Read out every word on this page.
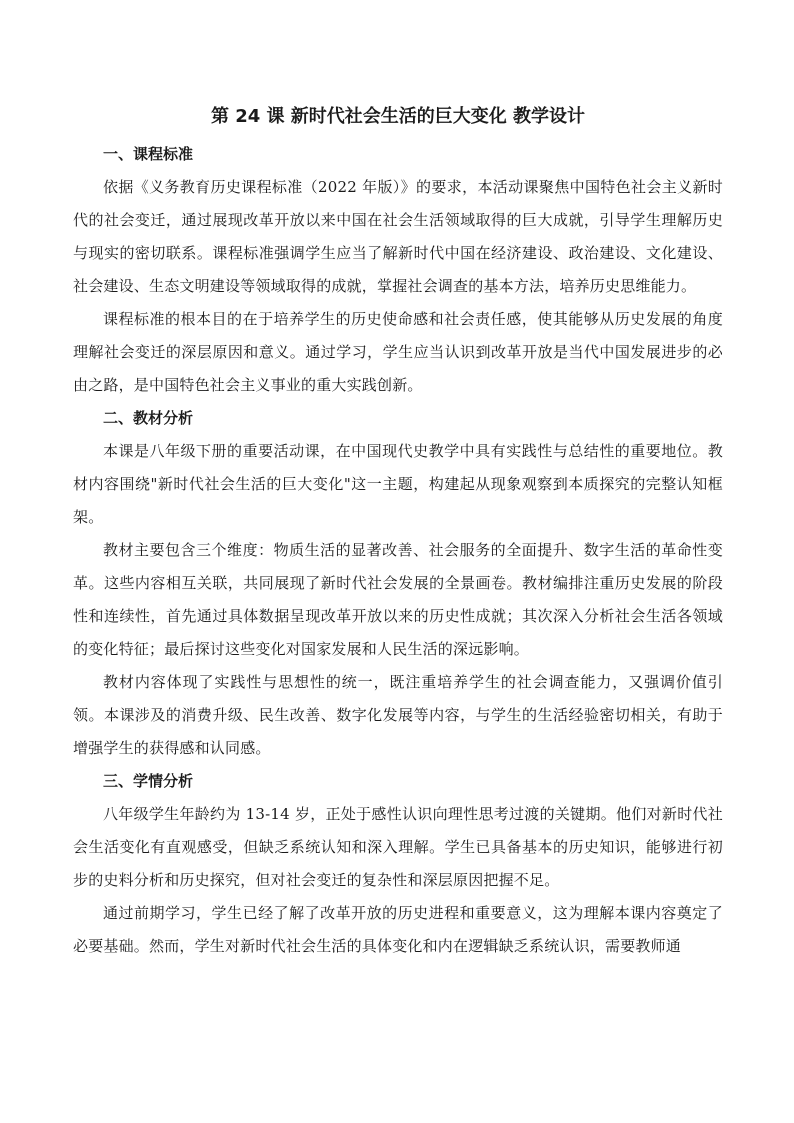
第 24 课 新时代社会生活的巨大变化 教学设计
一、课程标准

依据《义务教育历史课程标准（2022 年版）》的要求，本活动课聚焦中国特色社会主义新时代的社会变迁，通过展现改革开放以来中国在社会生活领域取得的巨大成就，引导学生理解历史与现实的密切联系。课程标准强调学生应当了解新时代中国在经济建设、政治建设、文化建设、社会建设、生态文明建设等领域取得的成就，掌握社会调查的基本方法，培养历史思维能力。

课程标准的根本目的在于培养学生的历史使命感和社会责任感，使其能够从历史发展的角度理解社会变迁的深层原因和意义。通过学习，学生应当认识到改革开放是当代中国发展进步的必由之路，是中国特色社会主义事业的重大实践创新。

二、教材分析

本课是八年级下册的重要活动课，在中国现代史教学中具有实践性与总结性的重要地位。教材内容围绕"新时代社会生活的巨大变化"这一主题，构建起从现象观察到本质探究的完整认知框架。

教材主要包含三个维度：物质生活的显著改善、社会服务的全面提升、数字生活的革命性变革。这些内容相互关联，共同展现了新时代社会发展的全景画卷。教材编排注重历史发展的阶段性和连续性，首先通过具体数据呈现改革开放以来的历史性成就；其次深入分析社会生活各领域的变化特征；最后探讨这些变化对国家发展和人民生活的深远影响。

教材内容体现了实践性与思想性的统一，既注重培养学生的社会调查能力，又强调价值引领。本课涉及的消费升级、民生改善、数字化发展等内容，与学生的生活经验密切相关，有助于增强学生的获得感和认同感。

三、学情分析

八年级学生年龄约为 13-14 岁，正处于感性认识向理性思考过渡的关键期。他们对新时代社会生活变化有直观感受，但缺乏系统认知和深入理解。学生已具备基本的历史知识，能够进行初步的史料分析和历史探究，但对社会变迁的复杂性和深层原因把握不足。

通过前期学习，学生已经了解了改革开放的历史进程和重要意义，这为理解本课内容奠定了必要基础。然而，学生对新时代社会生活的具体变化和内在逻辑缺乏系统认识，需要教师通
